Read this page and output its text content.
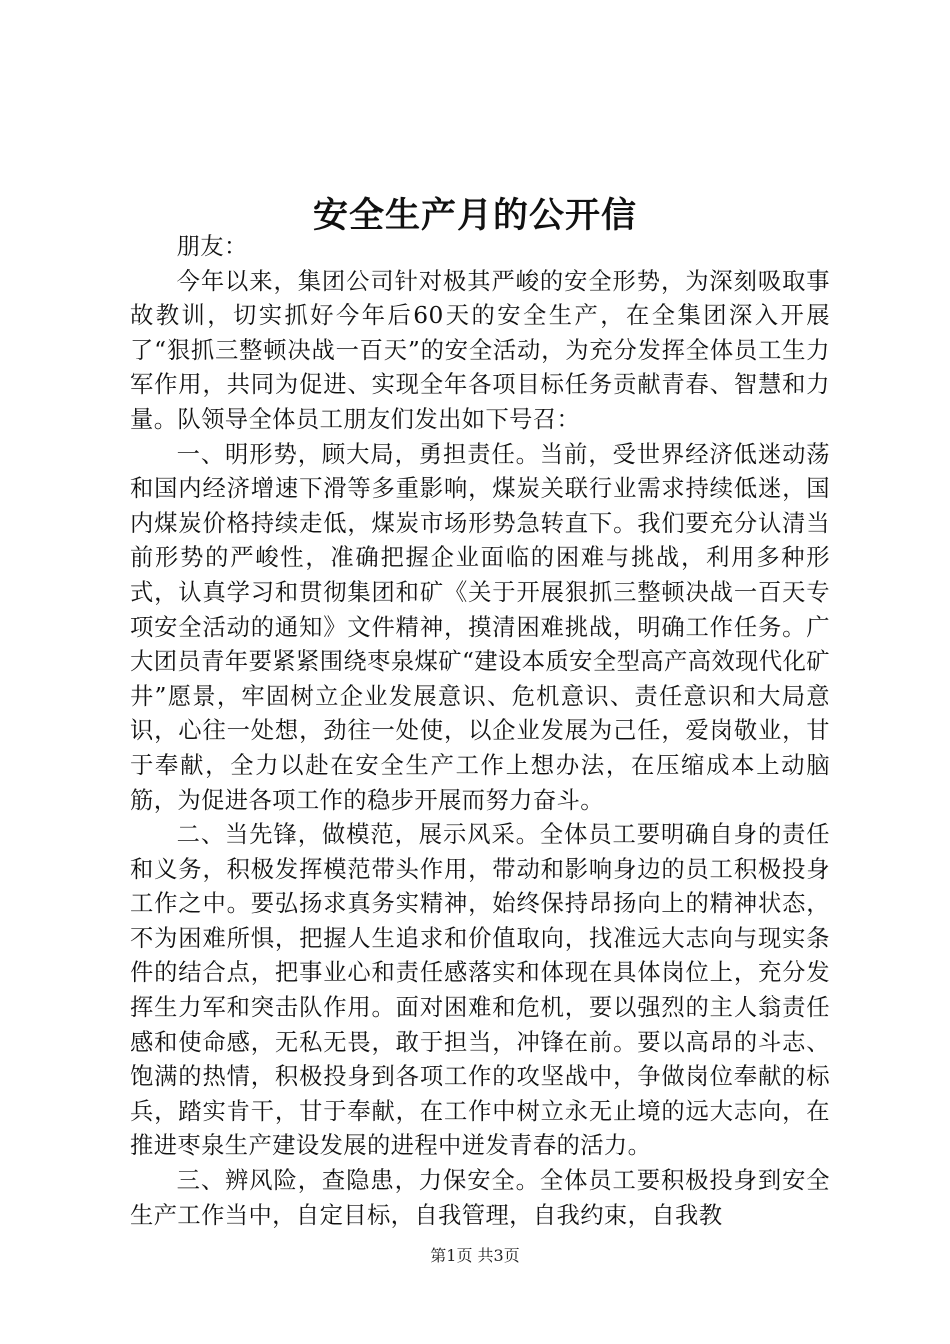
安全生产月的公开信

朋友：

今年以来，集团公司针对极其严峻的安全形势，为深刻吸取事故教训，切实抓好今年后60天的安全生产，在全集团深入开展了“狠抓三整顿决战一百天”的安全活动，为充分发挥全体员工生力军作用，共同为促进、实现全年各项目标任务贡献青春、智慧和力量。队领导全体员工朋友们发出如下号召：

一、明形势，顾大局，勇担责任。当前，受世界经济低迷动荡和国内经济增速下滑等多重影响，煤炭关联行业需求持续低迷，国内煤炭价格持续走低，煤炭市场形势急转直下。我们要充分认清当前形势的严峻性，准确把握企业面临的困难与挑战，利用多种形式，认真学习和贯彻集团和矿《关于开展狠抓三整顿决战一百天专项安全活动的通知》文件精神，摸清困难挑战，明确工作任务。广大团员青年要紧紧围绕枣泉煤矿“建设本质安全型高产高效现代化矿井”愿景，牢固树立企业发展意识、危机意识、责任意识和大局意识，心往一处想，劲往一处使，以企业发展为己任，爱岗敬业，甘于奉献，全力以赴在安全生产工作上想办法，在压缩成本上动脑筋，为促进各项工作的稳步开展而努力奋斗。

二、当先锋，做模范，展示风采。全体员工要明确自身的责任和义务，积极发挥模范带头作用，带动和影响身边的员工积极投身工作之中。要弘扬求真务实精神，始终保持昂扬向上的精神状态，不为困难所惧，把握人生追求和价值取向，找准远大志向与现实条件的结合点，把事业心和责任感落实和体现在具体岗位上，充分发挥生力军和突击队作用。面对困难和危机，要以强烈的主人翁责任感和使命感，无私无畏，敢于担当，冲锋在前。要以高昂的斗志、饱满的热情，积极投身到各项工作的攻坚战中，争做岗位奉献的标兵，踏实肯干，甘于奉献，在工作中树立永无止境的远大志向，在推进枣泉生产建设发展的进程中迸发青春的活力。

三、辨风险，查隐患，力保安全。全体员工要积极投身到安全生产工作当中，自定目标，自我管理，自我约束，自我教

第1页 共3页
